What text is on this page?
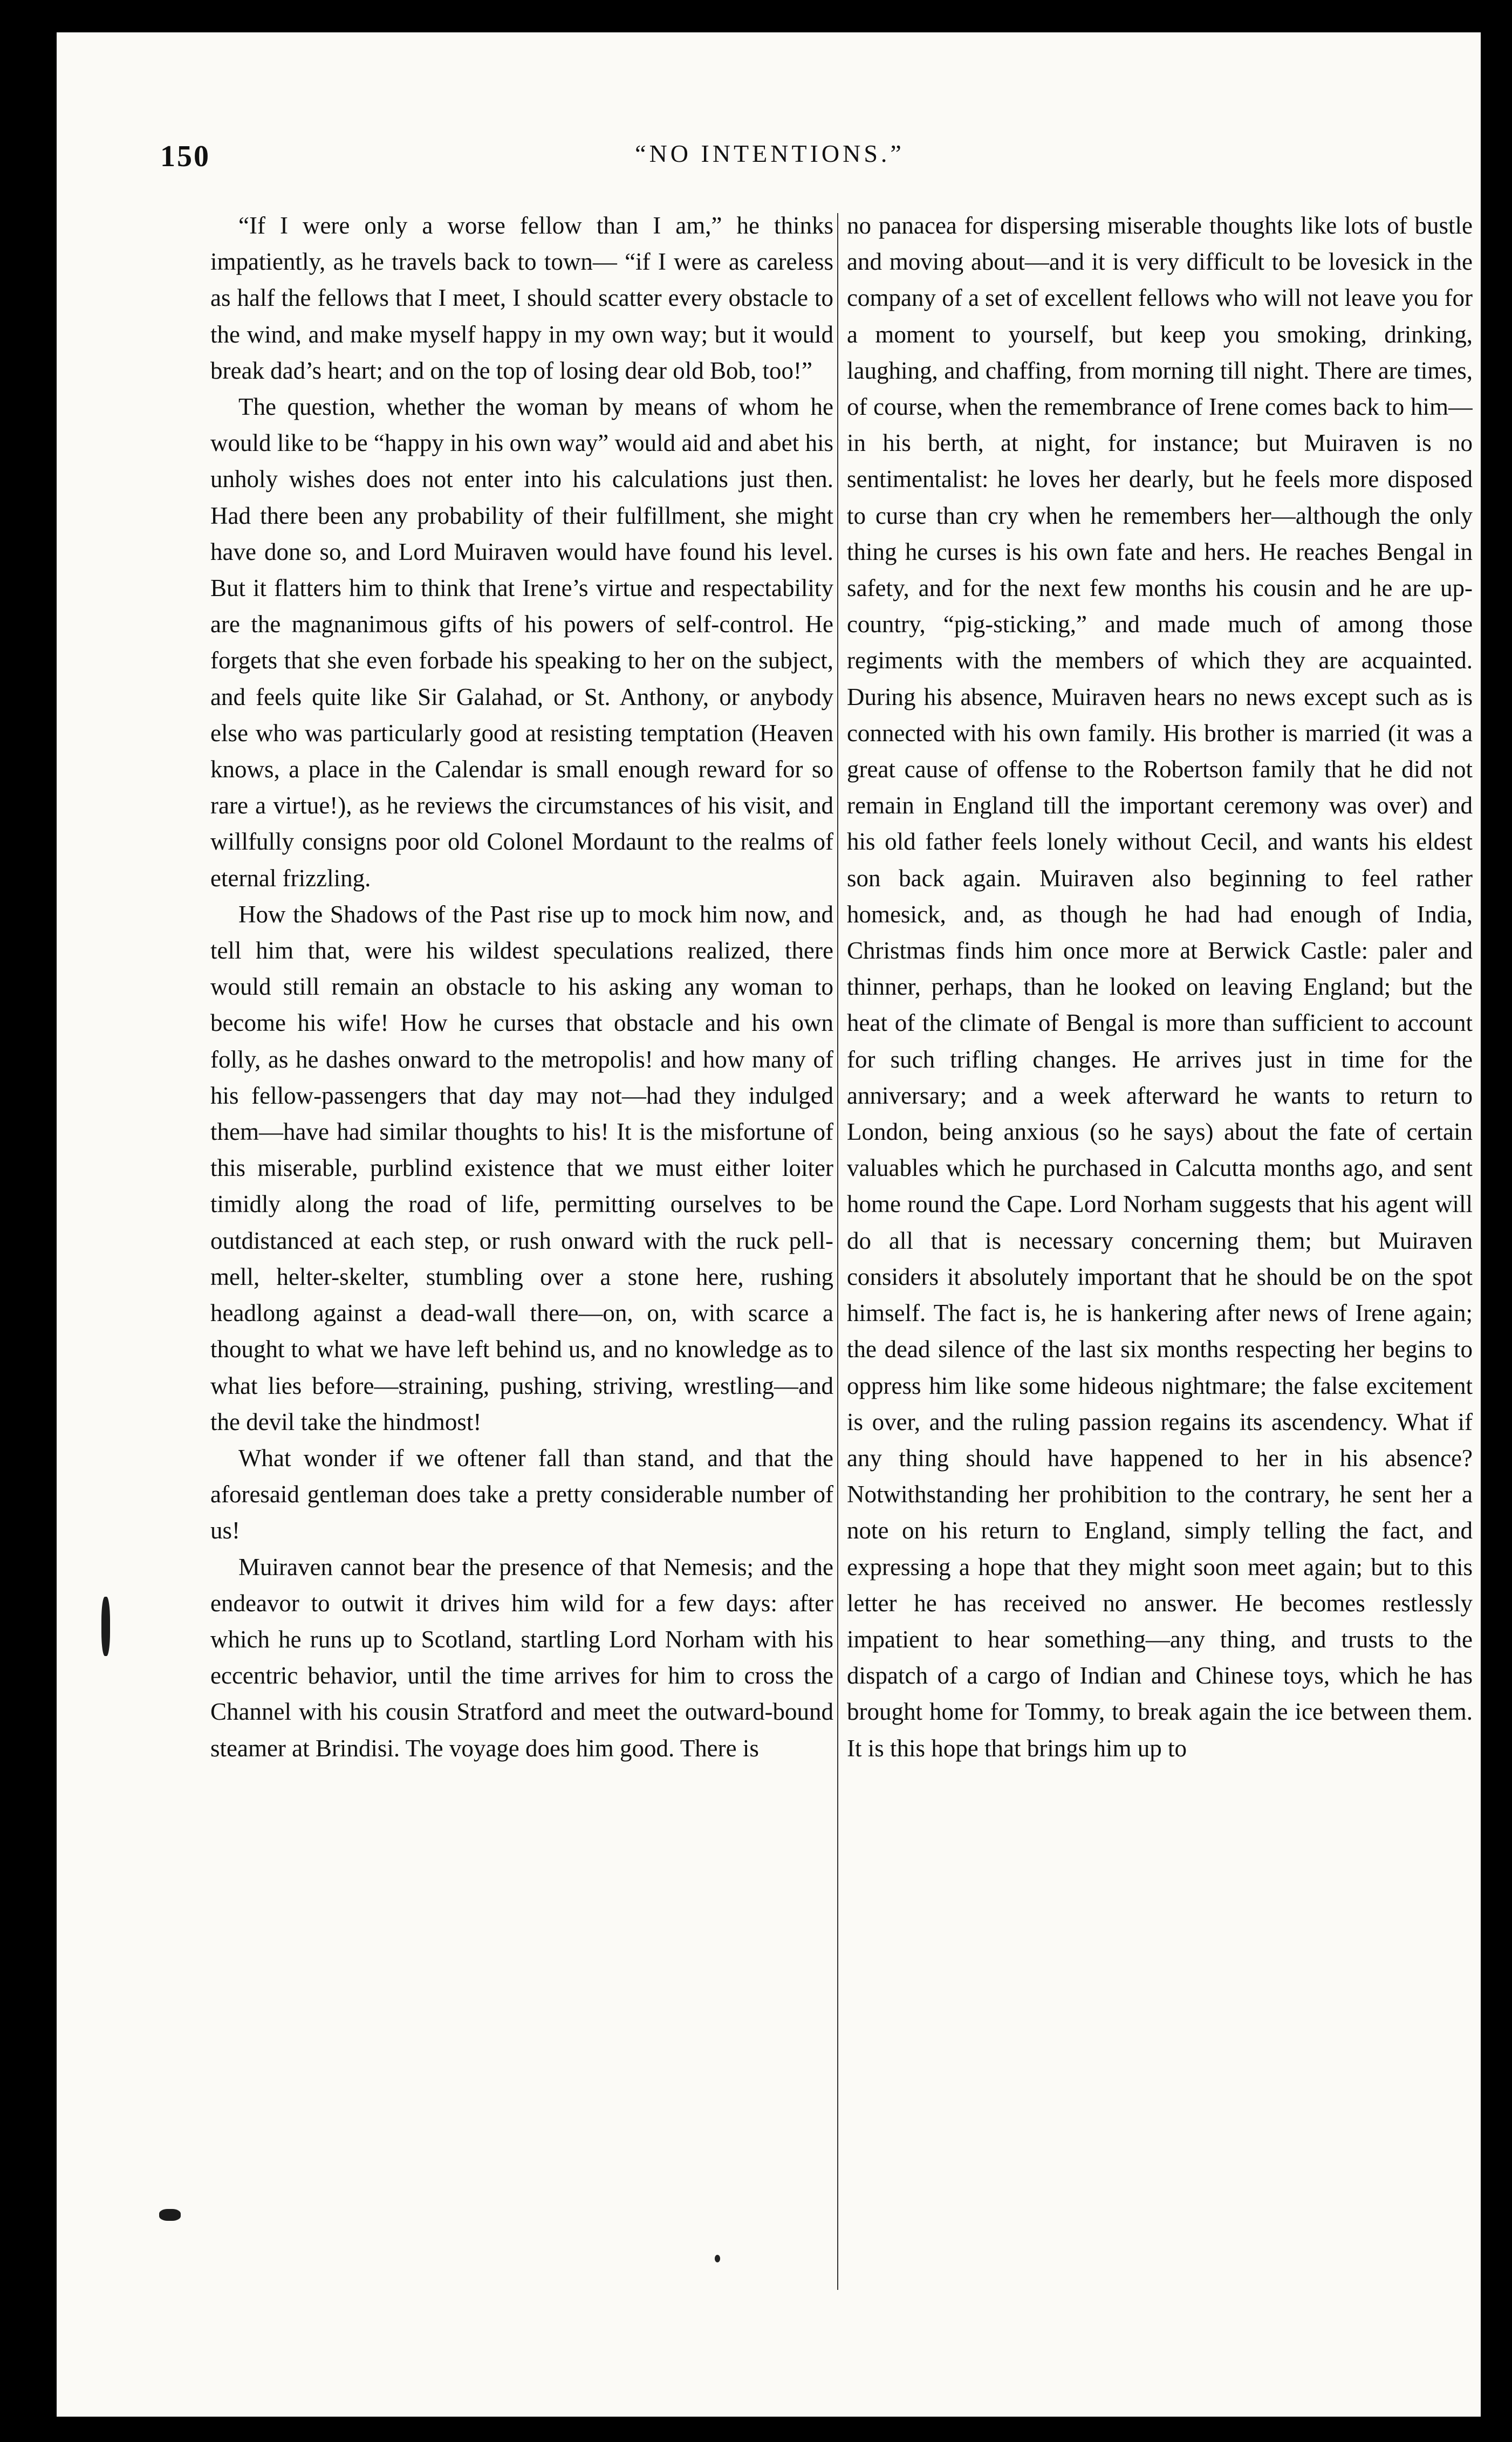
150	“NO INTENTIONS.”

“If I were only a worse fellow than I am,” he thinks impatiently, as he travels back to town— “if I were as careless as half the fellows that I meet, I should scatter every obstacle to the wind, and make myself happy in my own way; but it would break dad’s heart; and on the top of losing dear old Bob, too!”

The question, whether the woman by means of whom he would like to be “happy in his own way” would aid and abet his unholy wishes does not enter into his calculations just then. Had there been any probability of their fulfillment, she might have done so, and Lord Muiraven would have found his level. But it flatters him to think that Irene’s virtue and respectability are the magnanimous gifts of his powers of self-control. He forgets that she even forbade his speaking to her on the subject, and feels quite like Sir Galahad, or St. Anthony, or anybody else who was particularly good at resisting temptation (Heaven knows, a place in the Calendar is small enough reward for so rare a virtue!), as he reviews the circumstances of his visit, and willfully consigns poor old Colonel Mordaunt to the realms of eternal frizzling.

How the Shadows of the Past rise up to mock him now, and tell him that, were his wildest speculations realized, there would still remain an obstacle to his asking any woman to become his wife! How he curses that obstacle and his own folly, as he dashes onward to the metropolis! and how many of his fellow-passengers that day may not—had they indulged them—have had similar thoughts to his! It is the misfortune of this miserable, purblind existence that we must either loiter timidly along the road of life, permitting ourselves to be outdistanced at each step, or rush onward with the ruck pell-mell, helter-skelter, stumbling over a stone here, rushing headlong against a dead-wall there—on, on, with scarce a thought to what we have left behind us, and no knowledge as to what lies before—straining, pushing, striving, wrestling—and the devil take the hindmost!

What wonder if we oftener fall than stand, and that the aforesaid gentleman does take a pretty considerable number of us!

Muiraven cannot bear the presence of that Nemesis; and the endeavor to outwit it drives him wild for a few days: after which he runs up to Scotland, startling Lord Norham with his eccentric behavior, until the time arrives for him to cross the Channel with his cousin Stratford and meet the outward-bound steamer at Brindisi. The voyage does him good. There is

no panacea for dispersing miserable thoughts like lots of bustle and moving about—and it is very difficult to be lovesick in the company of a set of excellent fellows who will not leave you for a moment to yourself, but keep you smoking, drinking, laughing, and chaffing, from morning till night. There are times, of course, when the remembrance of Irene comes back to him—in his berth, at night, for instance; but Muiraven is no sentimentalist: he loves her dearly, but he feels more disposed to curse than cry when he remembers her—although the only thing he curses is his own fate and hers. He reaches Bengal in safety, and for the next few months his cousin and he are up-country, “pig-sticking,” and made much of among those regiments with the members of which they are acquainted. During his absence, Muiraven hears no news except such as is connected with his own family. His brother is married (it was a great cause of offense to the Robertson family that he did not remain in England till the important ceremony was over) and his old father feels lonely without Cecil, and wants his eldest son back again. Muiraven also beginning to feel rather homesick, and, as though he had had enough of India, Christmas finds him once more at Berwick Castle: paler and thinner, perhaps, than he looked on leaving England; but the heat of the climate of Bengal is more than sufficient to account for such trifling changes. He arrives just in time for the anniversary; and a week afterward he wants to return to London, being anxious (so he says) about the fate of certain valuables which he purchased in Calcutta months ago, and sent home round the Cape. Lord Norham suggests that his agent will do all that is necessary concerning them; but Muiraven considers it absolutely important that he should be on the spot himself. The fact is, he is hankering after news of Irene again; the dead silence of the last six months respecting her begins to oppress him like some hideous nightmare; the false excitement is over, and the ruling passion regains its ascendency. What if any thing should have happened to her in his absence? Notwithstanding her prohibition to the contrary, he sent her a note on his return to England, simply telling the fact, and expressing a hope that they might soon meet again; but to this letter he has received no answer. He becomes restlessly impatient to hear something—any thing, and trusts to the dispatch of a cargo of Indian and Chinese toys, which he has brought home for Tommy, to break again the ice between them. It is this hope that brings him up to
